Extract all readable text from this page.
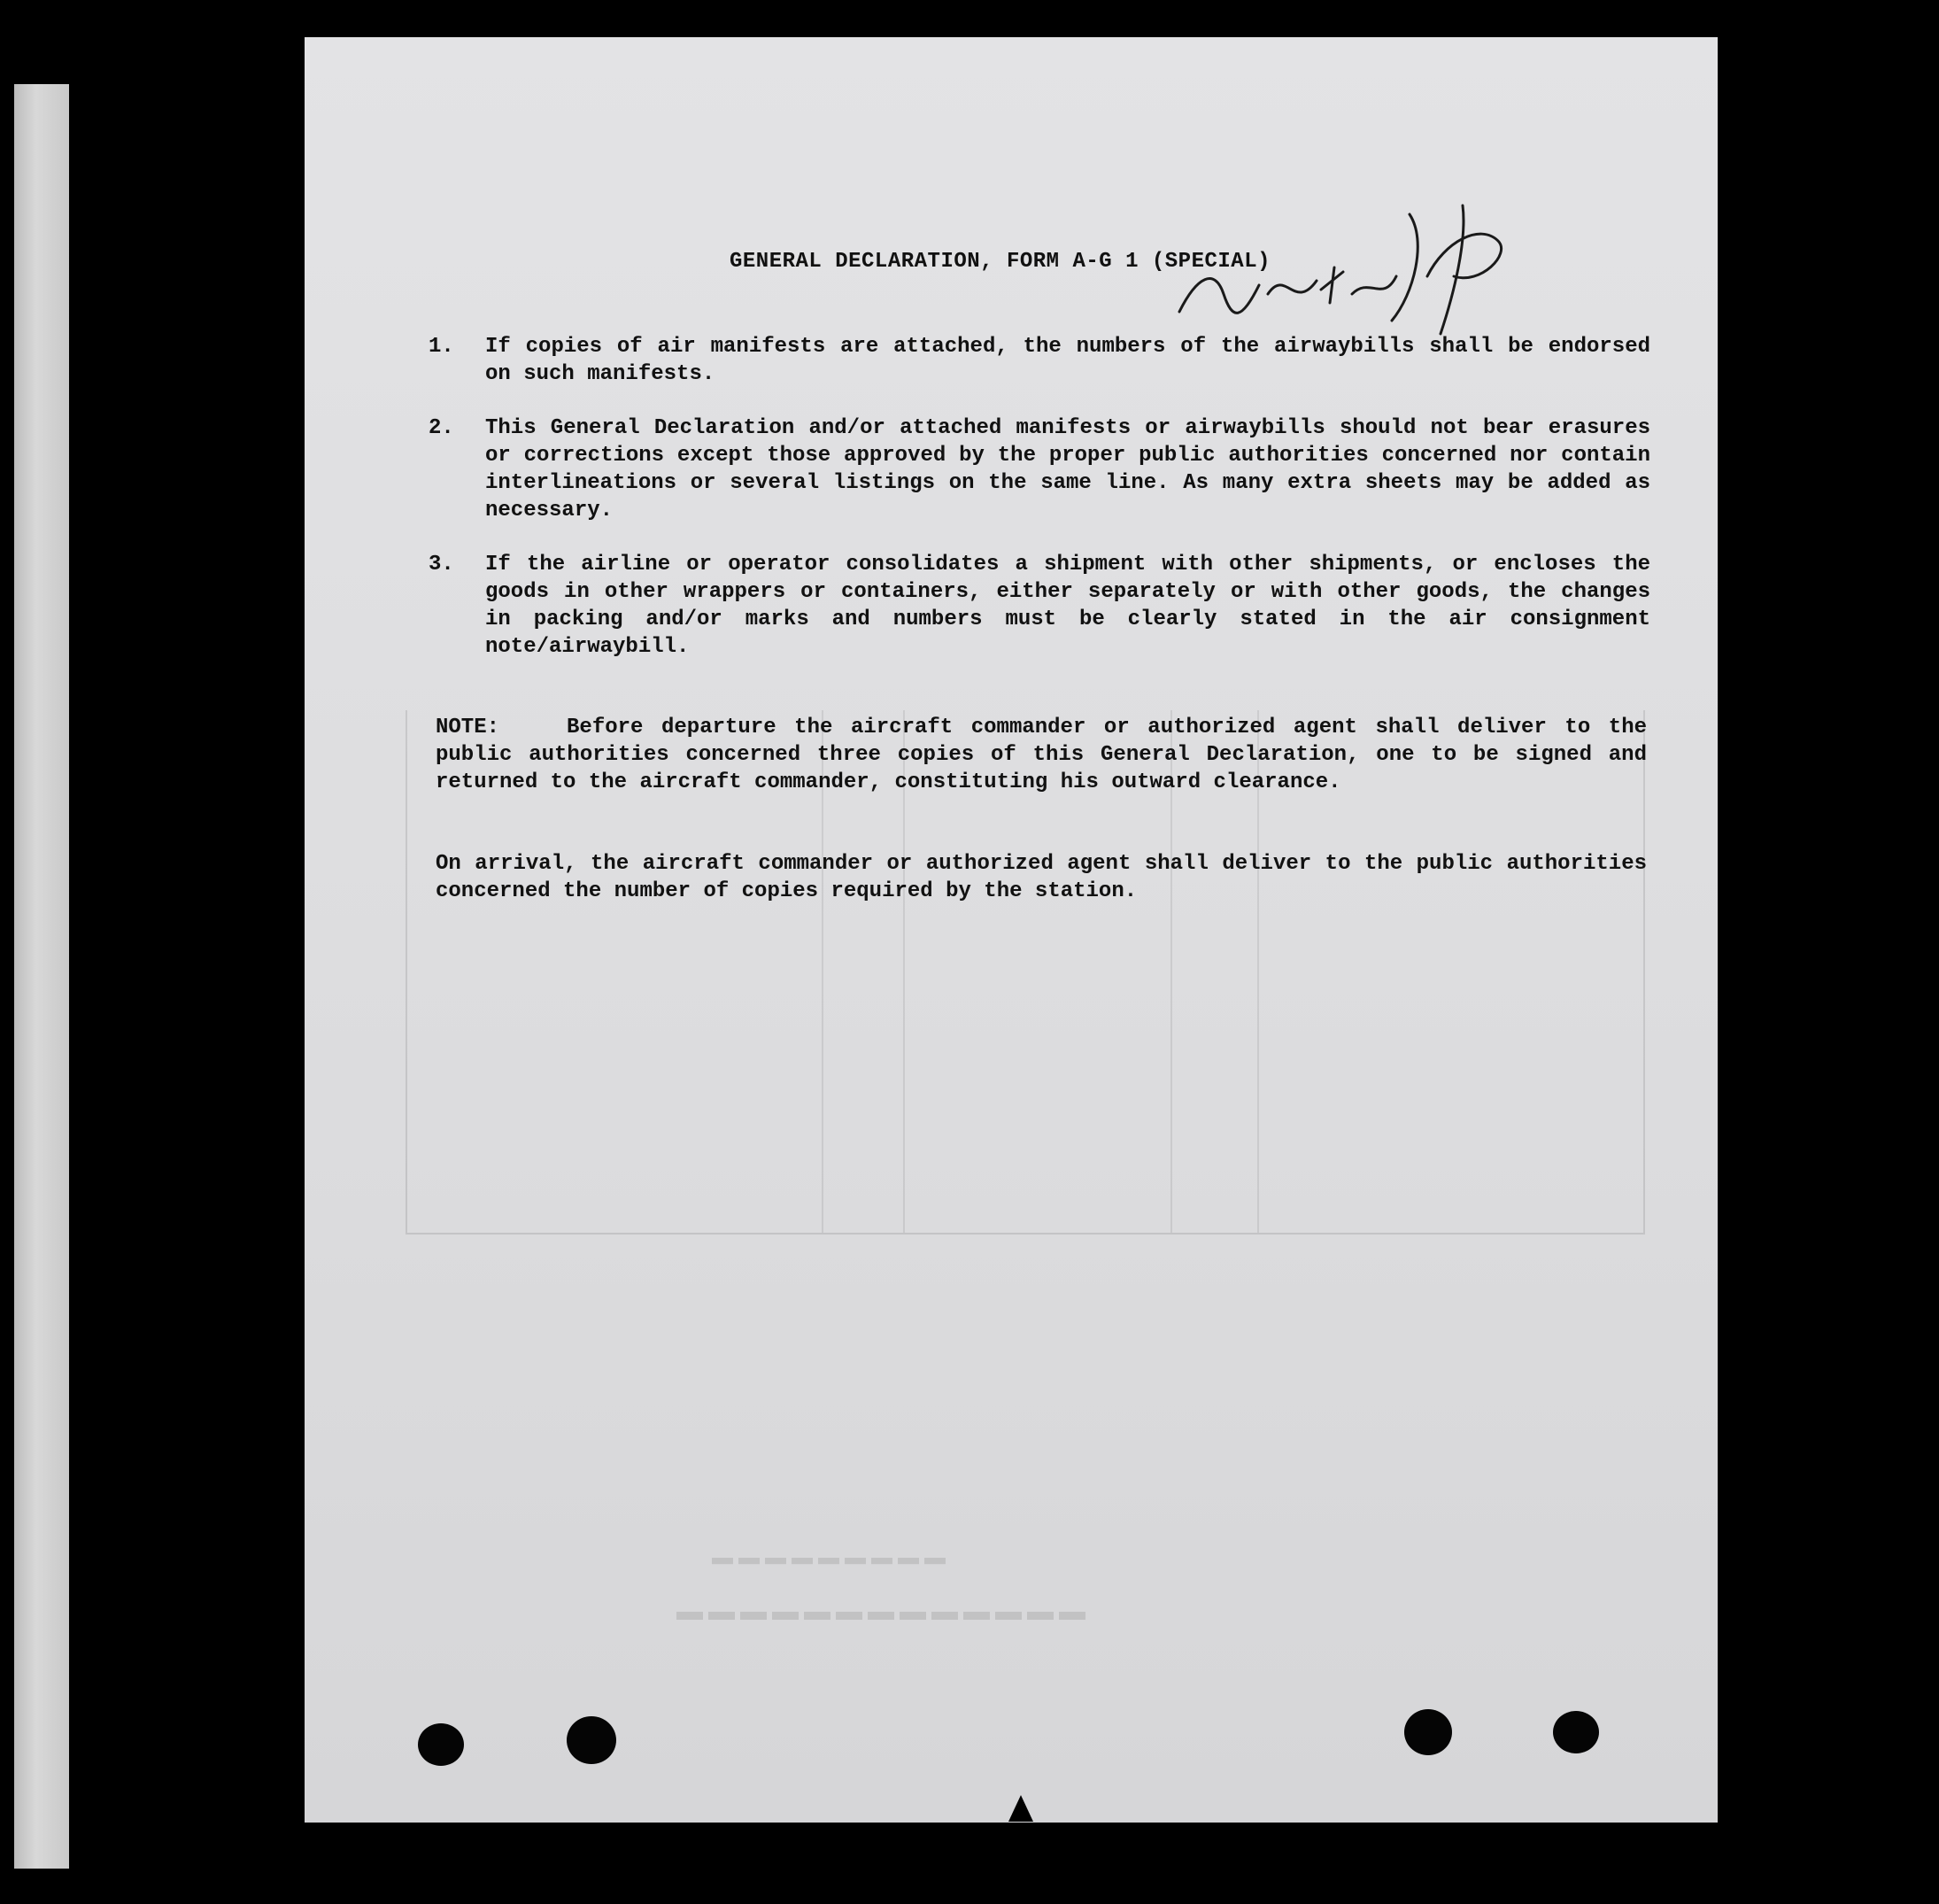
▬▬▬▬▬▬▬▬▬▬▬▬▬
▬▬▬▬▬▬▬▬▬
GENERAL DECLARATION, FORM A-G 1 (SPECIAL)
1. If copies of air manifests are attached, the numbers of the airwaybills shall be endorsed on such manifests.
2. This General Declaration and/or attached manifests or airwaybills should not bear erasures or corrections except those approved by the proper public authorities concerned nor contain interlineations or several listings on the same line. As many extra sheets may be added as necessary.
3. If the airline or operator consolidates a shipment with other shipments, or encloses the goods in other wrappers or containers, either separately or with other goods, the changes in packing and/or marks and numbers must be clearly stated in the air consignment note/airwaybill.
NOTE:	Before departure the aircraft commander or authorized agent shall deliver to the public authorities concerned three copies of this General Declaration, one to be signed and returned to the aircraft commander, constituting his outward clearance.
On arrival, the aircraft commander or authorized agent shall deliver to the public authorities concerned the number of copies required by the station.
